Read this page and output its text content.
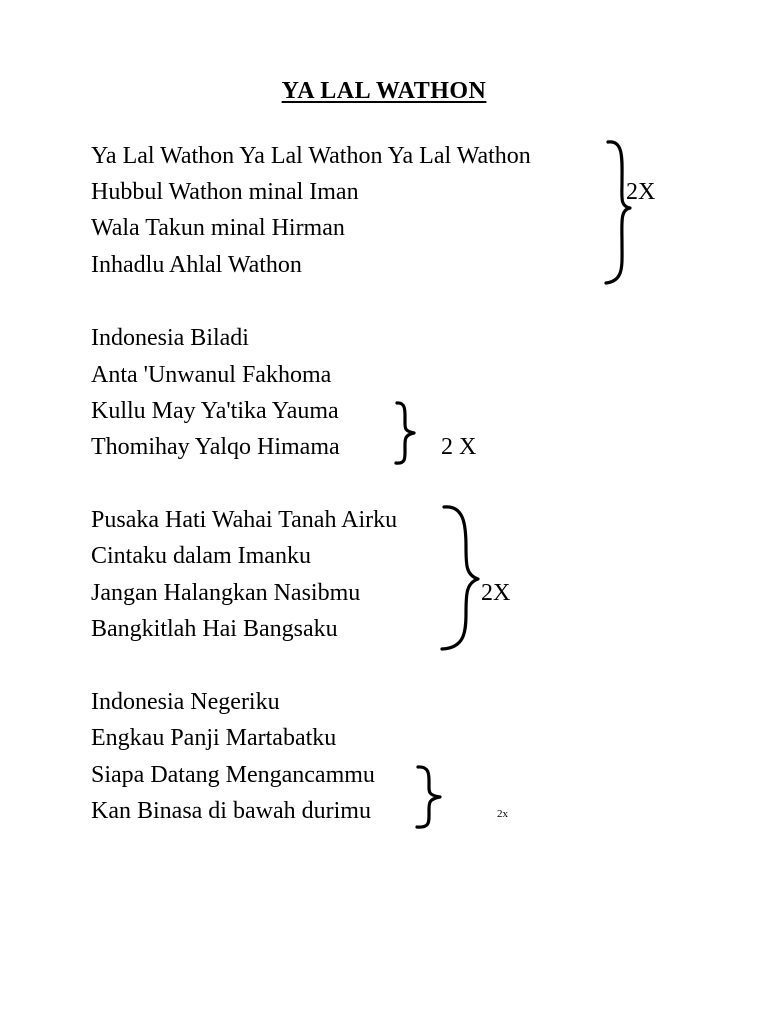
YA LAL WATHON
Ya Lal Wathon Ya Lal Wathon Ya Lal Wathon
Hubbul Wathon minal Iman
Wala Takun minal Hirman
Inhadlu Ahlal Wathon
2X
Indonesia Biladi
Anta 'Unwanul Fakhoma
Kullu May Ya'tika Yauma
Thomihay Yalqo Himama	2 X
Pusaka Hati Wahai Tanah Airku
Cintaku dalam Imanku
Jangan Halangkan Nasibmu
Bangkitlah Hai Bangsaku
2X
Indonesia Negeriku
Engkau Panji Martabatku
Siapa Datang Mengancammu
Kan Binasa di bawah durimu	2x
